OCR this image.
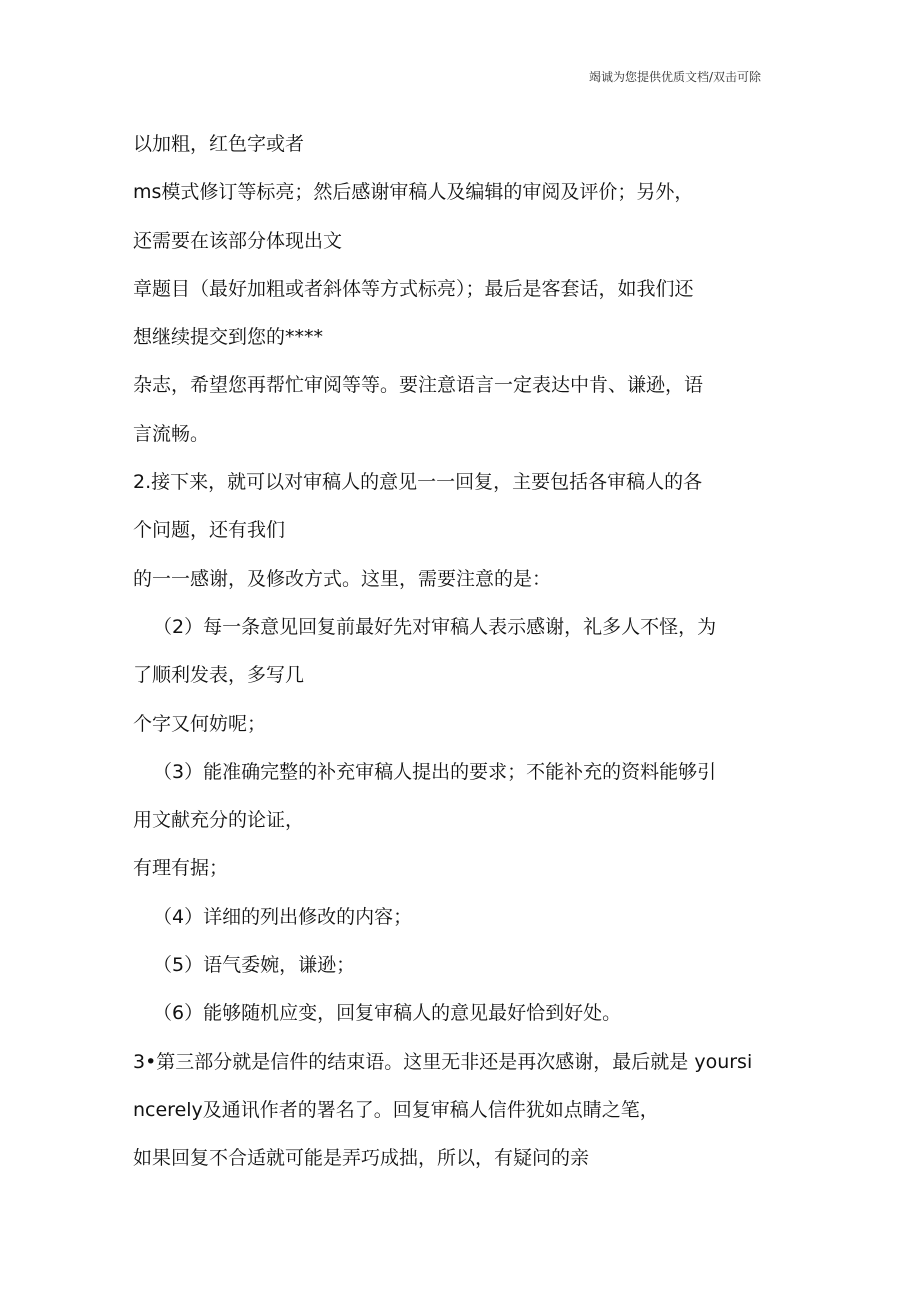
竭诚为您提供优质文档/双击可除
以加粗，红色字或者
ms模式修订等标亮；然后感谢审稿人及编辑的审阅及评价；另外，
还需要在该部分体现出文
章题目（最好加粗或者斜体等方式标亮）；最后是客套话，如我们还
想继续提交到您的****
杂志，希望您再帮忙审阅等等。要注意语言一定表达中肯、谦逊，语
言流畅。
2.接下来，就可以对审稿人的意见一一回复，主要包括各审稿人的各
个问题，还有我们
的一一感谢，及修改方式。这里，需要注意的是：
（2）每一条意见回复前最好先对审稿人表示感谢，礼多人不怪，为
了顺利发表，多写几
个字又何妨呢；
（3）能准确完整的补充审稿人提出的要求；不能补充的资料能够引
用文献充分的论证，
有理有据；
（4）详细的列出修改的内容；
（5）语气委婉，谦逊；
（6）能够随机应变，回复审稿人的意见最好恰到好处。
3•第三部分就是信件的结束语。这里无非还是再次感谢，最后就是 yoursi
ncerely及通讯作者的署名了。回复审稿人信件犹如点睛之笔，
如果回复不合适就可能是弄巧成拙，所以，有疑问的亲
